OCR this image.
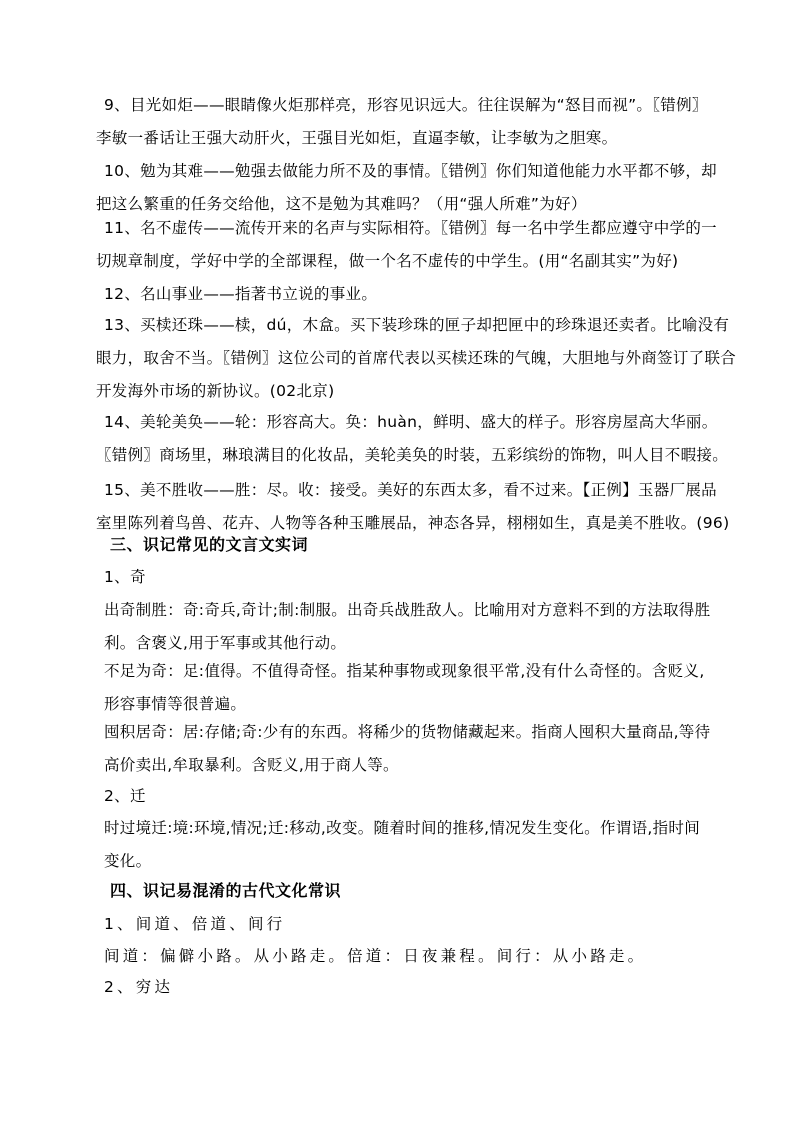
9、目光如炬——眼睛像火炬那样亮，形容见识远大。往往误解为“怒目而视”。〖错例〗
李敏一番话让王强大动肝火，王强目光如炬，直逼李敏，让李敏为之胆寒。
10、勉为其难——勉强去做能力所不及的事情。〖错例〗你们知道他能力水平都不够，却
把这么繁重的任务交给他，这不是勉为其难吗？（用“强人所难”为好）
11、名不虚传——流传开来的名声与实际相符。〖错例〗每一名中学生都应遵守中学的一
切规章制度，学好中学的全部课程，做一个名不虚传的中学生。(用“名副其实”为好)
12、名山事业——指著书立说的事业。
13、买椟还珠——椟，dú，木盒。买下装珍珠的匣子却把匣中的珍珠退还卖者。比喻没有
眼力，取舍不当。〖错例〗这位公司的首席代表以买椟还珠的气魄，大胆地与外商签订了联合
开发海外市场的新协议。(02北京)
14、美轮美奂——轮：形容高大。奂：huàn，鲜明、盛大的样子。形容房屋高大华丽。
〖错例〗商场里，琳琅满目的化妆品，美轮美奂的时装，五彩缤纷的饰物，叫人目不暇接。
15、美不胜收——胜：尽。收：接受。美好的东西太多，看不过来。【正例】玉器厂展品
室里陈列着鸟兽、花卉、人物等各种玉雕展品，神态各异，栩栩如生，真是美不胜收。(96)
三、识记常见的文言文实词
1、奇
出奇制胜：奇:奇兵,奇计;制:制服。出奇兵战胜敌人。比喻用对方意料不到的方法取得胜
利。含褒义,用于军事或其他行动。
不足为奇：足:值得。不值得奇怪。指某种事物或现象很平常,没有什么奇怪的。含贬义,
形容事情等很普遍。
囤积居奇：居:存储;奇:少有的东西。将稀少的货物储藏起来。指商人囤积大量商品,等待
高价卖出,牟取暴利。含贬义,用于商人等。
2、迁
时过境迁:境:环境,情况;迁:移动,改变。随着时间的推移,情况发生变化。作谓语,指时间
变化。
四、识记易混淆的古代文化常识
1、间道、倍道、间行
间道：偏僻小路。从小路走。倍道：日夜兼程。间行：从小路走。
2、穷达
